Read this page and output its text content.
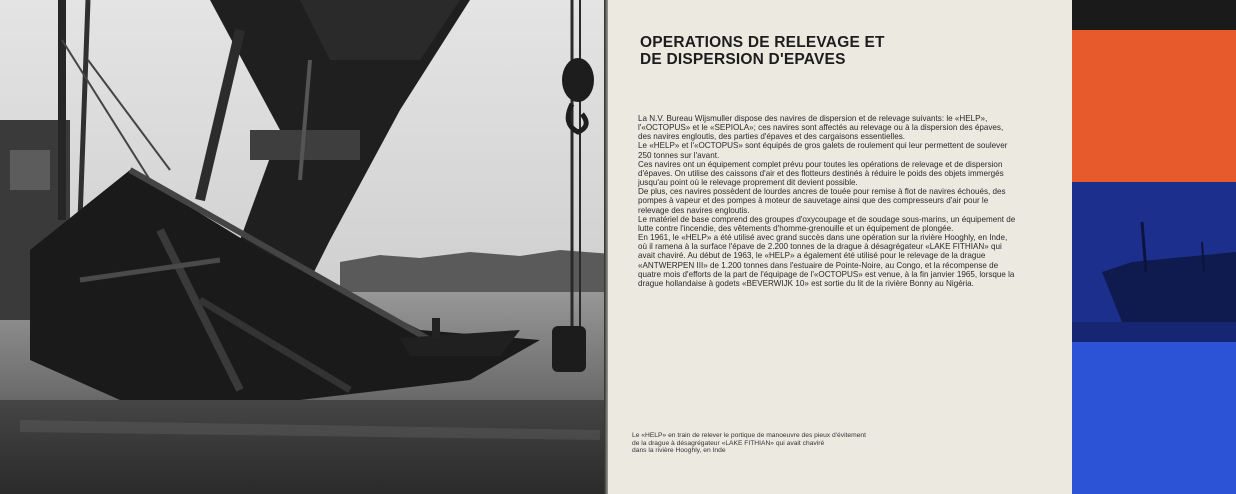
OPERATIONS DE RELEVAGE ET
DE DISPERSION D'EPAVES

La N.V. Bureau Wijsmuller dispose des navires de dispersion et de relevage suivants: le «HELP», l'«OCTOPUS» et le «SEPIOLA»; ces navires sont affectés au relevage ou à la dispersion des épaves, des navires engloutis, des parties d'épaves et des cargaisons essentielles.

Le «HELP» et l'«OCTOPUS» sont équipés de gros galets de roulement qui leur permettent de soulever 250 tonnes sur l'avant.

Ces navires ont un équipement complet prévu pour toutes les opérations de relevage et de dispersion d'épaves. On utilise des caissons d'air et des flotteurs destinés à réduire le poids des objets immergés jusqu'au point où le relevage proprement dit devient possible.

De plus, ces navires possèdent de lourdes ancres de touée pour remise à flot de navires échoués, des pompes à vapeur et des pompes à moteur de sauvetage ainsi que des compresseurs d'air pour le relevage des navires engloutis.

Le matériel de base comprend des groupes d'oxycoupage et de soudage sous-marins, un équipement de lutte contre l'incendie, des vêtements d'homme-grenouille et un équipement de plongée.

En 1961, le «HELP» a été utilisé avec grand succès dans une opération sur la rivière Hooghly, en Inde, où il ramena à la surface l'épave de 2.200 tonnes de la drague à désagrégateur «LAKE FITHIAN» qui avait chaviré. Au début de 1963, le «HELP» a également été utilisé pour le relevage de la drague «ANTWERPEN III» de 1.200 tonnes dans l'estuaire de Pointe-Noire, au Congo, et la récompense de quatre mois d'efforts de la part de l'équipage de l'«OCTOPUS» est venue, à la fin janvier 1965, lorsque la drague hollandaise à godets «BEVERWIJK 10» est sortie du lit de la rivière Bonny au Nigéria.

Le «HELP» en train de relever le portique de manoeuvre des pieux d'évitement
de la drague à désagrégateur «LAKE FITHIAN» qui avait chaviré
dans la rivière Hooghly, en Inde
